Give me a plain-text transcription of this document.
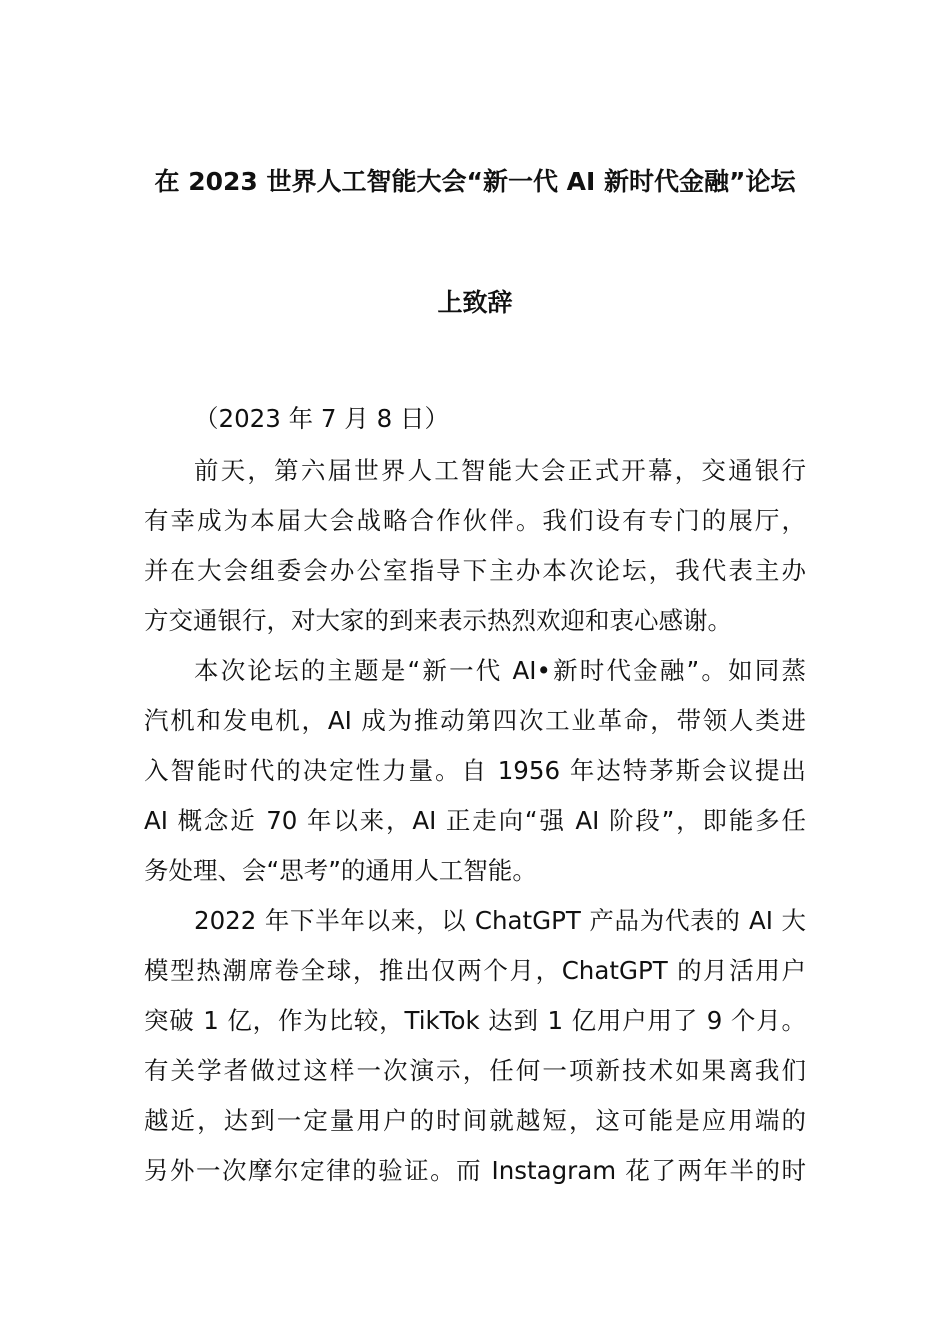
在 2023 世界人工智能大会“新一代 AI 新时代金融”论坛
上致辞
（2023 年 7 月 8 日）
前天，第六届世界人工智能大会正式开幕，交通银行
有幸成为本届大会战略合作伙伴。我们设有专门的展厅，
并在大会组委会办公室指导下主办本次论坛，我代表主办
方交通银行，对大家的到来表示热烈欢迎和衷心感谢。
本次论坛的主题是“新一代 AI•新时代金融”。如同蒸
汽机和发电机，AI 成为推动第四次工业革命，带领人类进
入智能时代的决定性力量。自 1956 年达特茅斯会议提出
AI 概念近 70 年以来，AI 正走向“强 AI 阶段”，即能多任
务处理、会“思考”的通用人工智能。
2022 年下半年以来，以 ChatGPT 产品为代表的 AI 大
模型热潮席卷全球，推出仅两个月，ChatGPT 的月活用户
突破 1 亿，作为比较，TikTok 达到 1 亿用户用了 9 个月。
有关学者做过这样一次演示，任何一项新技术如果离我们
越近，达到一定量用户的时间就越短，这可能是应用端的
另外一次摩尔定律的验证。而 Instagram 花了两年半的时
